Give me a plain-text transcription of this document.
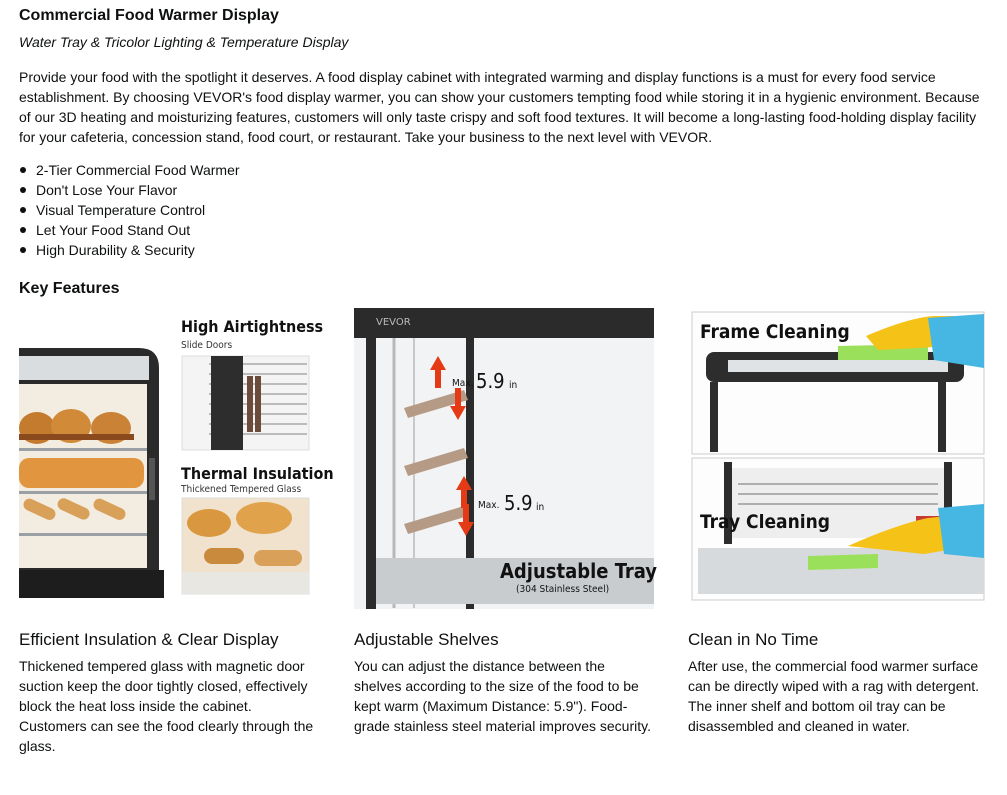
Commercial Food Warmer Display
Water Tray & Tricolor Lighting & Temperature Display

Provide your food with the spotlight it deserves. A food display cabinet with integrated warming and display functions is a must for every food service establishment. By choosing VEVOR's food display warmer, you can show your customers tempting food while storing it in a hygienic environment. Because of our 3D heating and moisturizing features, customers will only taste crispy and soft food textures. It will become a long-lasting food-holding display facility for your cafeteria, concession stand, food court, or restaurant. Take your business to the next level with VEVOR.

2-Tier Commercial Food Warmer
Don't Lose Your Flavor
Visual Temperature Control
Let Your Food Stand Out
High Durability & Security
Key Features
High Airtightness
Slide Doors
Thermal Insulation
Thickened Tempered Glass
VEVOR
Max. 5.9 in
Max. 5.9 in
Adjustable Tray
(304 Stainless Steel)
Frame Cleaning
Tray Cleaning
Efficient Insulation & Clear Display

Thickened tempered glass with magnetic door suction keep the door tightly closed, effectively block the heat loss inside the cabinet. Customers can see the food clearly through the glass.

Adjustable Shelves

You can adjust the distance between the shelves according to the size of the food to be kept warm (Maximum Distance: 5.9"). Food-grade stainless steel material improves security.

Clean in No Time

After use, the commercial food warmer surface can be directly wiped with a rag with detergent. The inner shelf and bottom oil tray can be disassembled and cleaned in water.
